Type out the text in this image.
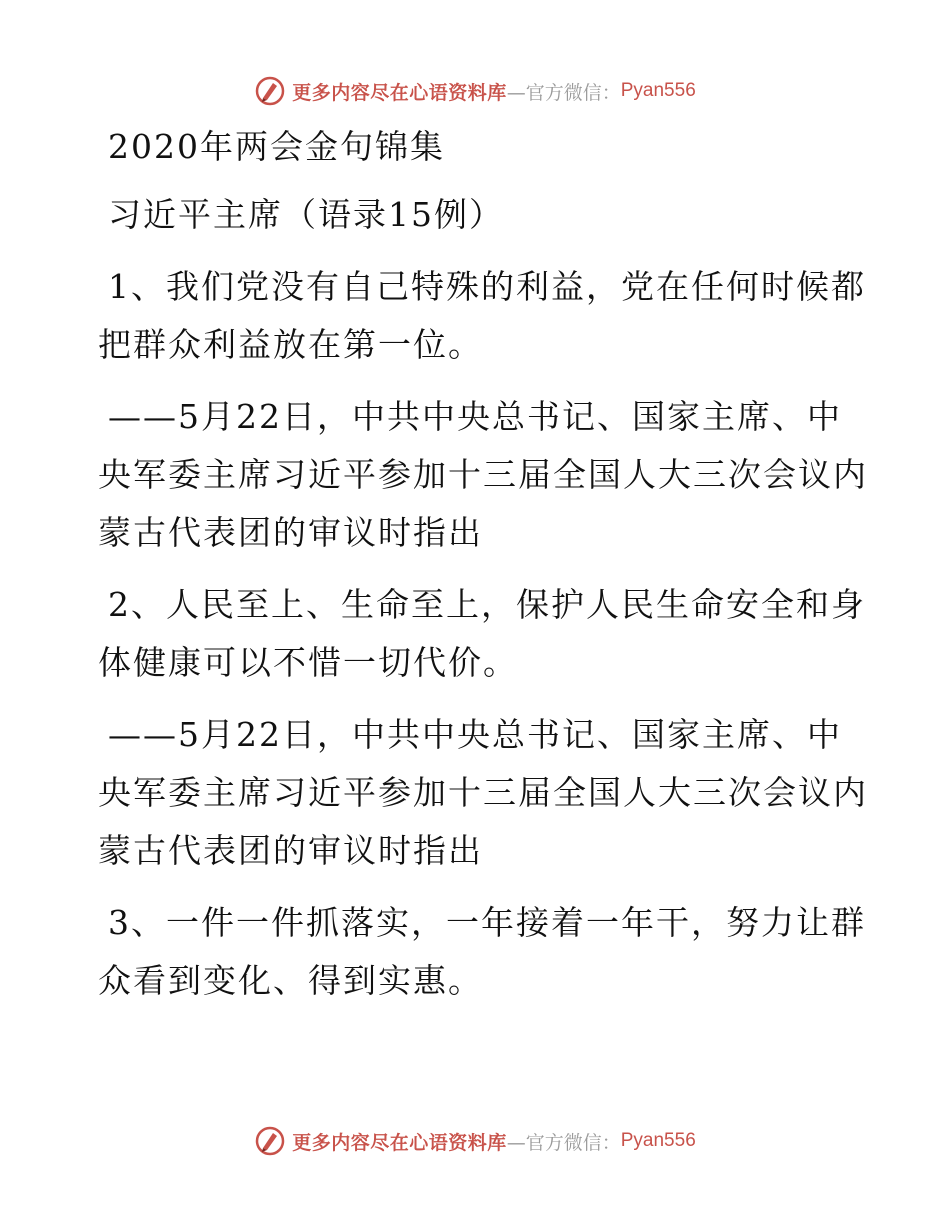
更多内容尽在心语资料库 —官方微信： Pyan556

2020年两会金句锦集

习近平主席（语录15例）

1、我们党没有自己特殊的利益，党在任何时候都

把群众利益放在第一位。

——5月22日，中共中央总书记、国家主席、中

央军委主席习近平参加十三届全国人大三次会议内

蒙古代表团的审议时指出

2、人民至上、生命至上，保护人民生命安全和身

体健康可以不惜一切代价。

——5月22日，中共中央总书记、国家主席、中

央军委主席习近平参加十三届全国人大三次会议内

蒙古代表团的审议时指出

3、一件一件抓落实，一年接着一年干，努力让群

众看到变化、得到实惠。

更多内容尽在心语资料库 —官方微信： Pyan556
